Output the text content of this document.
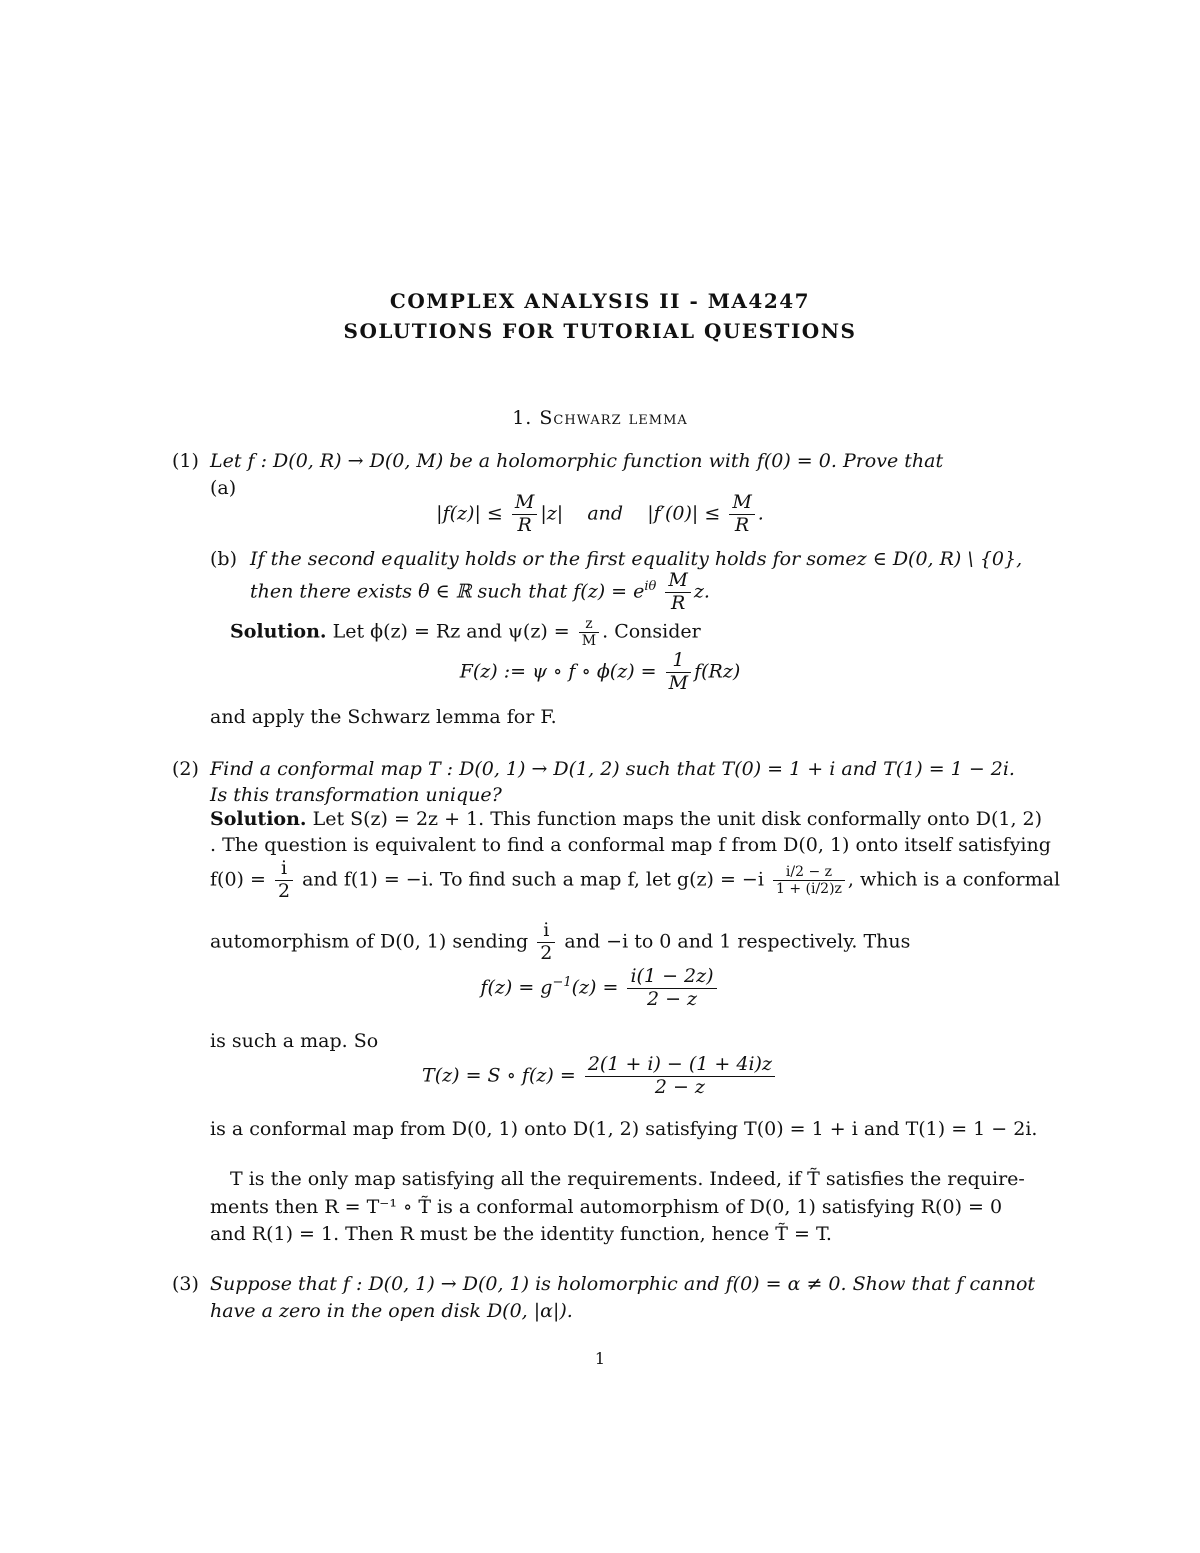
COMPLEX ANALYSIS II - MA4247
SOLUTIONS FOR TUTORIAL QUESTIONS
1. Schwarz lemma
(1) Let f : D(0, R) → D(0, M) be a holomorphic function with f(0) = 0. Prove that
(a)
$|f(z)| \le \frac{M}{R} |z|$ and $|f'(0)| \le \frac{M}{R}$ .
(b) If the second equality holds or the first equality holds for somez ∈ D(0, R) \ {0},
then there exists θ ∈ ℝ such that $f(z) = e^{i\theta} \frac{M}{R} z$.
Solution. Let ϕ(z) = Rz and $\psi(z) = \frac{z}{M}$ . Consider
F(z) := ψ ∘ f ∘ $\phi(z) = \frac{1}{M} f(Rz)$
and apply the Schwarz lemma for F.
(2) Find a conformal map T : D(0, 1) → D(1, 2) such that T(0) = 1 + i and T(1) = 1 − 2i.
Is this transformation unique?
Solution. Let S(z) = 2z + 1. This function maps the unit disk conformally onto D(1, 2)
. The question is equivalent to find a conformal map f from D(0, 1) onto itself satisfying
$f(0) = \frac{i}{2}$ and f(1) = −i. To find such a map f, let $g(z) = -i \frac{i/2 - z}{1 + (i/2)z}$ , which is a conformal
automorphism of D(0, 1) sending $\frac{i}{2}$ and −i to 0 and 1 respectively. Thus
$f(z) = g^{-1}(z) = \frac{i(1 - 2z)}{2 - z}$
is such a map. So
T(z) = S ∘ $f(z) = \frac{2(1 + i) - (1 + 4i)z}{2 - z}$
is a conformal map from D(0, 1) onto D(1, 2) satisfying T(0) = 1 + i and T(1) = 1 − 2i.
T is the only map satisfying all the requirements. Indeed, if T̃ satisfies the require-
ments then R = T⁻¹ ∘ T̃ is a conformal automorphism of D(0, 1) satisfying R(0) = 0
and R(1) = 1. Then R must be the identity function, hence T̃ = T.
(3) Suppose that f : D(0, 1) → D(0, 1) is holomorphic and f(0) = α ≠ 0. Show that f cannot
have a zero in the open disk D(0, |α|).
1
